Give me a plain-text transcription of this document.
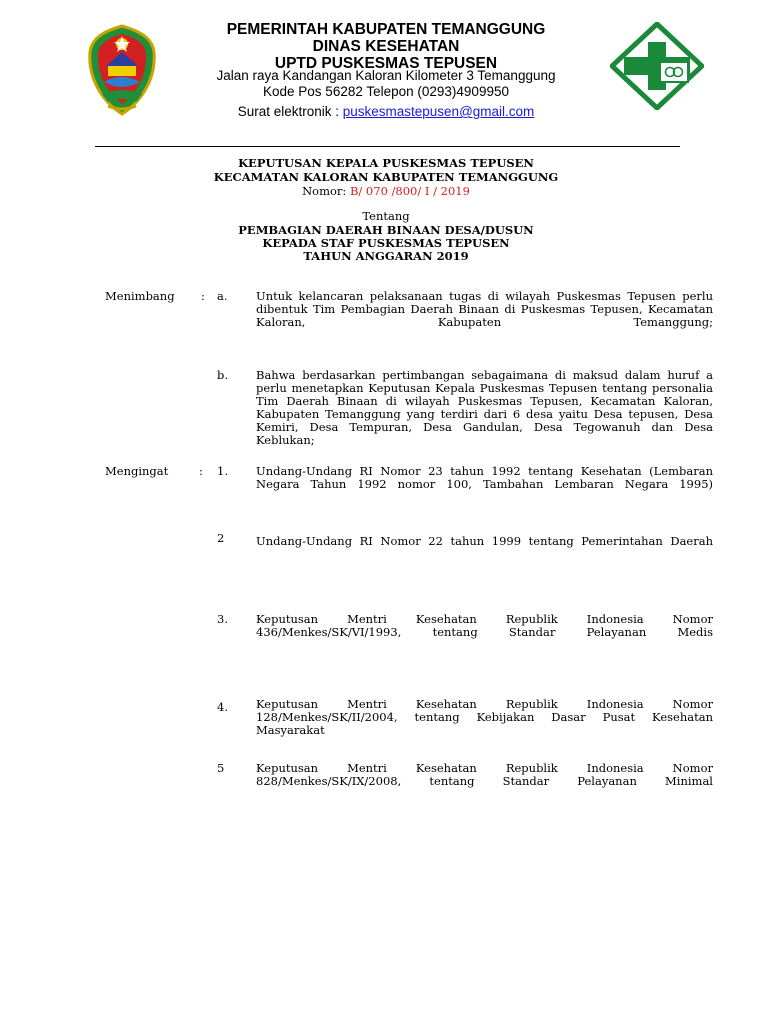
PEMERINTAH KABUPATEN TEMANGGUNG
DINAS KESEHATAN
UPTD PUSKESMAS TEPUSEN
Jalan raya Kandangan Kaloran Kilometer 3 Temanggung
Kode Pos 56282 Telepon (0293)4909950
Surat elektronik : puskesmastepusen@gmail.com
KEPUTUSAN KEPALA PUSKESMAS TEPUSEN
KECAMATAN KALORAN KABUPATEN TEMANGGUNG
Nomor: B/ 070 /800/ I / 2019
Tentang
PEMBAGIAN DAERAH BINAAN DESA/DUSUN
KEPADA STAF PUSKESMAS TEPUSEN
TAHUN ANGGARAN 2019
Menimbang : a. Untuk kelancaran pelaksanaan tugas di wilayah Puskesmas Tepusen perlu dibentuk Tim Pembagian Daerah Binaan di Puskesmas Tepusen, Kecamatan Kaloran, Kabupaten Temanggung;
b. Bahwa berdasarkan pertimbangan sebagaimana di maksud dalam huruf a perlu menetapkan Keputusan Kepala Puskesmas Tepusen tentang personalia Tim Daerah Binaan di wilayah Puskesmas Tepusen, Kecamatan Kaloran, Kabupaten Temanggung yang terdiri dari 6 desa yaitu Desa tepusen, Desa Kemiri, Desa Tempuran, Desa Gandulan, Desa Tegowanuh dan Desa Keblukan;
Mengingat	: 1. Undang-Undang RI Nomor 23 tahun 1992 tentang Kesehatan (Lembaran Negara Tahun 1992 nomor 100, Tambahan Lembaran Negara 1995)
2	Undang-Undang RI Nomor 22 tahun 1999 tentang Pemerintahan Daerah
3. Keputusan Mentri Kesehatan Republik Indonesia Nomor 436/Menkes/SK/VI/1993, tentang Standar Pelayanan Medis
4. Keputusan Mentri Kesehatan Republik Indonesia Nomor 128/Menkes/SK/II/2004, tentang Kebijakan Dasar Pusat Kesehatan Masyarakat
5	Keputusan Mentri Kesehatan Republik Indonesia Nomor 828/Menkes/SK/IX/2008, tentang Standar Pelayanan Minimal
